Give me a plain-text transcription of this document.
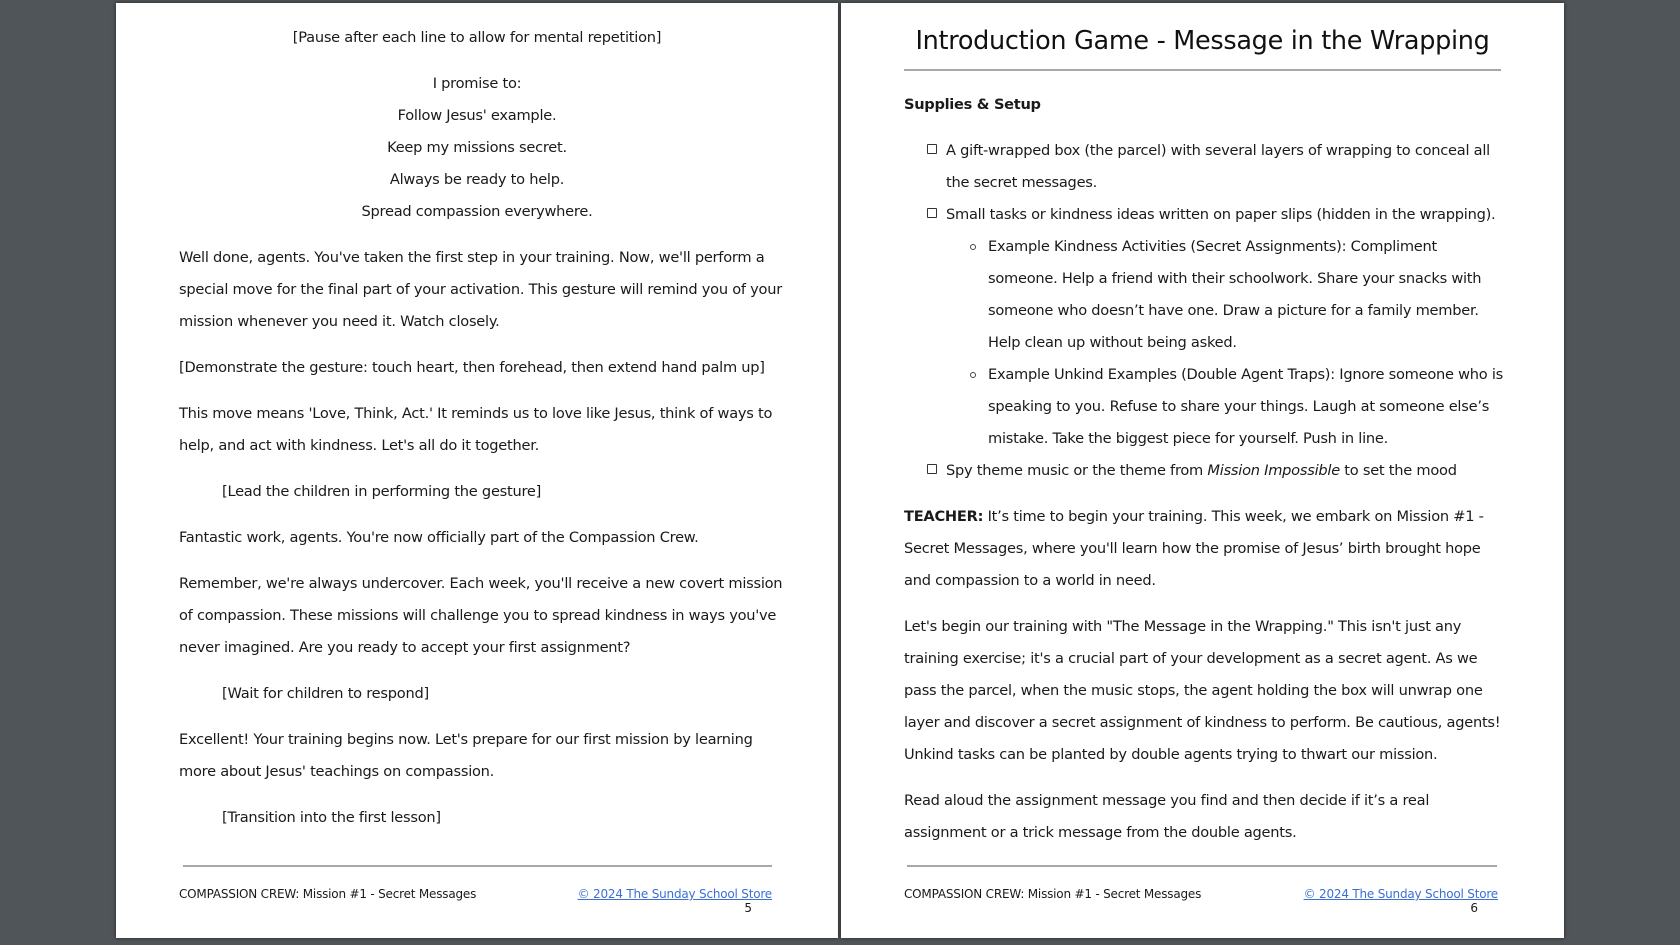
[Pause after each line to allow for mental repetition]
I promise to:
Follow Jesus' example.
Keep my missions secret.
Always be ready to help.
Spread compassion everywhere.
Well done, agents. You've taken the first step in your training. Now, we'll perform a
special move for the final part of your activation. This gesture will remind you of your
mission whenever you need it. Watch closely.
[Demonstrate the gesture: touch heart, then forehead, then extend hand palm up]
This move means 'Love, Think, Act.' It reminds us to love like Jesus, think of ways to
help, and act with kindness. Let's all do it together.
[Lead the children in performing the gesture]
Fantastic work, agents. You're now officially part of the Compassion Crew.
Remember, we're always undercover. Each week, you'll receive a new covert mission
of compassion. These missions will challenge you to spread kindness in ways you've
never imagined. Are you ready to accept your first assignment?
[Wait for children to respond]
Excellent! Your training begins now. Let's prepare for our first mission by learning
more about Jesus' teachings on compassion.
[Transition into the first lesson]
COMPASSION CREW: Mission #1 - Secret Messages	© 2024 The Sunday School Store
5
Introduction Game - Message in the Wrapping
Supplies & Setup
A gift-wrapped box (the parcel) with several layers of wrapping to conceal all
the secret messages.
Small tasks or kindness ideas written on paper slips (hidden in the wrapping).
Example Kindness Activities (Secret Assignments): Compliment
someone. Help a friend with their schoolwork. Share your snacks with
someone who doesn’t have one. Draw a picture for a family member.
Help clean up without being asked.
Example Unkind Examples (Double Agent Traps): Ignore someone who is
speaking to you. Refuse to share your things. Laugh at someone else’s
mistake. Take the biggest piece for yourself. Push in line.
Spy theme music or the theme from Mission Impossible to set the mood
TEACHER: It’s time to begin your training. This week, we embark on Mission #1 -
Secret Messages, where you'll learn how the promise of Jesus’ birth brought hope
and compassion to a world in need.
Let's begin our training with "The Message in the Wrapping." This isn't just any
training exercise; it's a crucial part of your development as a secret agent. As we
pass the parcel, when the music stops, the agent holding the box will unwrap one
layer and discover a secret assignment of kindness to perform. Be cautious, agents!
Unkind tasks can be planted by double agents trying to thwart our mission.
Read aloud the assignment message you find and then decide if it’s a real
assignment or a trick message from the double agents.
COMPASSION CREW: Mission #1 - Secret Messages	© 2024 The Sunday School Store
6
